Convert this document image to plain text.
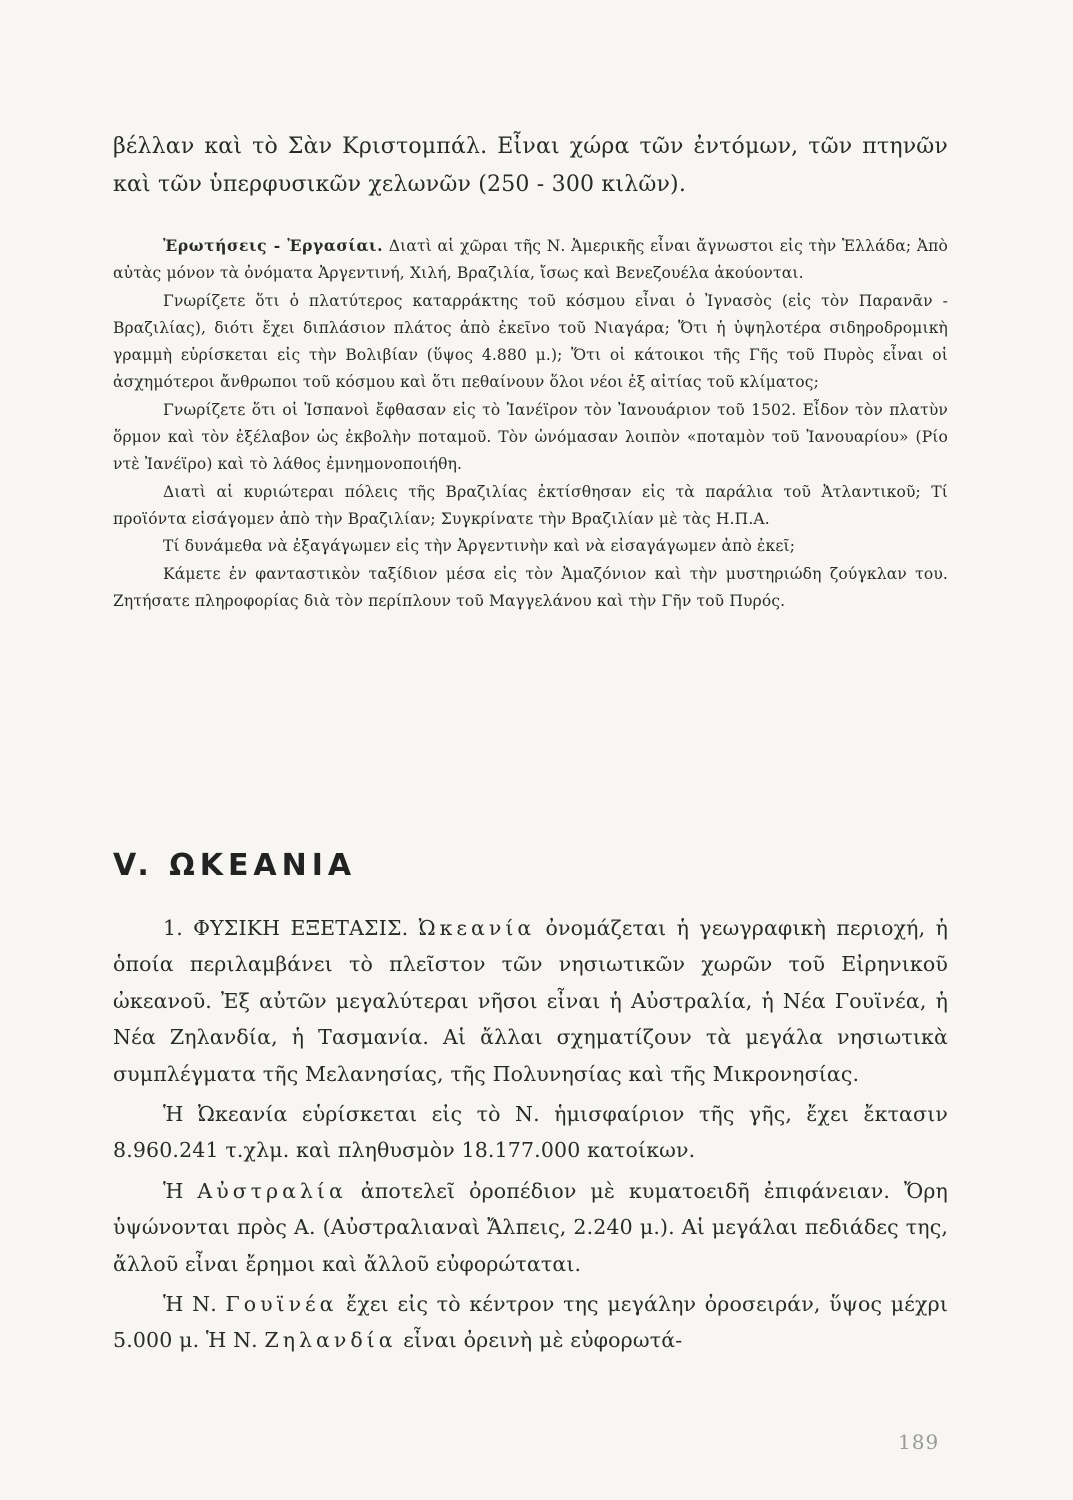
βέλλαν καὶ τὸ Σὰν Κριστομπάλ. Εἶναι χώρα τῶν ἐντόμων, τῶν πτηνῶν καὶ τῶν ὑπερφυσικῶν χελωνῶν (250 - 300 κιλῶν).

Ἐρωτήσεις - Ἐργασίαι. Διατὶ αἱ χῶραι τῆς Ν. Ἀμερικῆς εἶναι ἄγνωστοι εἰς τὴν Ἑλλάδα; Ἀπὸ αὐτὰς μόνον τὰ ὀνόματα Ἀργεντινή, Χιλή, Βραζιλία, ἴσως καὶ Βενεζουέλα ἀκούονται.

Γνωρίζετε ὅτι ὁ πλατύτερος καταρράκτης τοῦ κόσμου εἶναι ὁ Ἰγνασὸς (εἰς τὸν Παρανᾶν - Βραζιλίας), διότι ἔχει διπλάσιον πλάτος ἀπὸ ἐκεῖνο τοῦ Νιαγάρα; Ὅτι ἡ ὑψηλοτέρα σιδηροδρομικὴ γραμμὴ εὑρίσκεται εἰς τὴν Βολιβίαν (ὕψος 4.880 μ.); Ὅτι οἱ κάτοικοι τῆς Γῆς τοῦ Πυρὸς εἶναι οἱ ἀσχημότεροι ἄνθρωποι τοῦ κόσμου καὶ ὅτι πεθαίνουν ὅλοι νέοι ἐξ αἰτίας τοῦ κλίματος;

Γνωρίζετε ὅτι οἱ Ἱσπανοὶ ἔφθασαν εἰς τὸ Ἰανέϊρον τὸν Ἰανουάριον τοῦ 1502. Εἶδον τὸν πλατὺν ὅρμον καὶ τὸν ἐξέλαβον ὡς ἐκβολὴν ποταμοῦ. Τὸν ὠνόμασαν λοιπὸν «ποταμὸν τοῦ Ἰανουαρίου» (Ρίο ντὲ Ἰανέϊρο) καὶ τὸ λάθος ἐμνημονοποιήθη.

Διατὶ αἱ κυριώτεραι πόλεις τῆς Βραζιλίας ἐκτίσθησαν εἰς τὰ παράλια τοῦ Ἀτλαντικοῦ; Τί προϊόντα εἰσάγομεν ἀπὸ τὴν Βραζιλίαν; Συγκρίνατε τὴν Βραζιλίαν μὲ τὰς Η.Π.Α.

Τί δυνάμεθα νὰ ἐξαγάγωμεν εἰς τὴν Ἀργεντινὴν καὶ νὰ εἰσαγάγωμεν ἀπὸ ἐκεῖ;

Κάμετε ἐν φανταστικὸν ταξίδιον μέσα εἰς τὸν Ἀμαζόνιον καὶ τὴν μυστηριώδη ζούγκλαν του. Ζητήσατε πληροφορίας διὰ τὸν περίπλουν τοῦ Μαγγελάνου καὶ τὴν Γῆν τοῦ Πυρός.

V. ΩΚΕΑΝΙΑ

1. ΦΥΣΙΚΗ ΕΞΕΤΑΣΙΣ. Ὠκεανία ὀνομάζεται ἡ γεωγραφικὴ περιοχή, ἡ ὁποία περιλαμβάνει τὸ πλεῖστον τῶν νησιωτικῶν χωρῶν τοῦ Εἰρηνικοῦ ὠκεανοῦ. Ἐξ αὐτῶν μεγαλύτεραι νῆσοι εἶναι ἡ Αὐστραλία, ἡ Νέα Γουϊνέα, ἡ Νέα Ζηλανδία, ἡ Τασμανία. Αἱ ἄλλαι σχηματίζουν τὰ μεγάλα νησιωτικὰ συμπλέγματα τῆς Μελανησίας, τῆς Πολυνησίας καὶ τῆς Μικρονησίας.

Ἡ Ὠκεανία εὑρίσκεται εἰς τὸ Ν. ἡμισφαίριον τῆς γῆς, ἔχει ἔκτασιν 8.960.241 τ.χλμ. καὶ πληθυσμὸν 18.177.000 κατοίκων.

Ἡ Αὐστραλία ἀποτελεῖ ὀροπέδιον μὲ κυματοειδῆ ἐπιφάνειαν. Ὄρη ὑψώνονται πρὸς Α. (Αὐστραλιαναὶ Ἄλπεις, 2.240 μ.). Αἱ μεγάλαι πεδιάδες της, ἄλλοῦ εἶναι ἔρημοι καὶ ἄλλοῦ εὐφορώταται.

Ἡ Ν. Γουϊνέα ἔχει εἰς τὸ κέντρον της μεγάλην ὀροσειράν, ὕψος μέχρι 5.000 μ. Ἡ Ν. Ζηλανδία εἶναι ὀρεινὴ μὲ εὐφορωτά-

189
